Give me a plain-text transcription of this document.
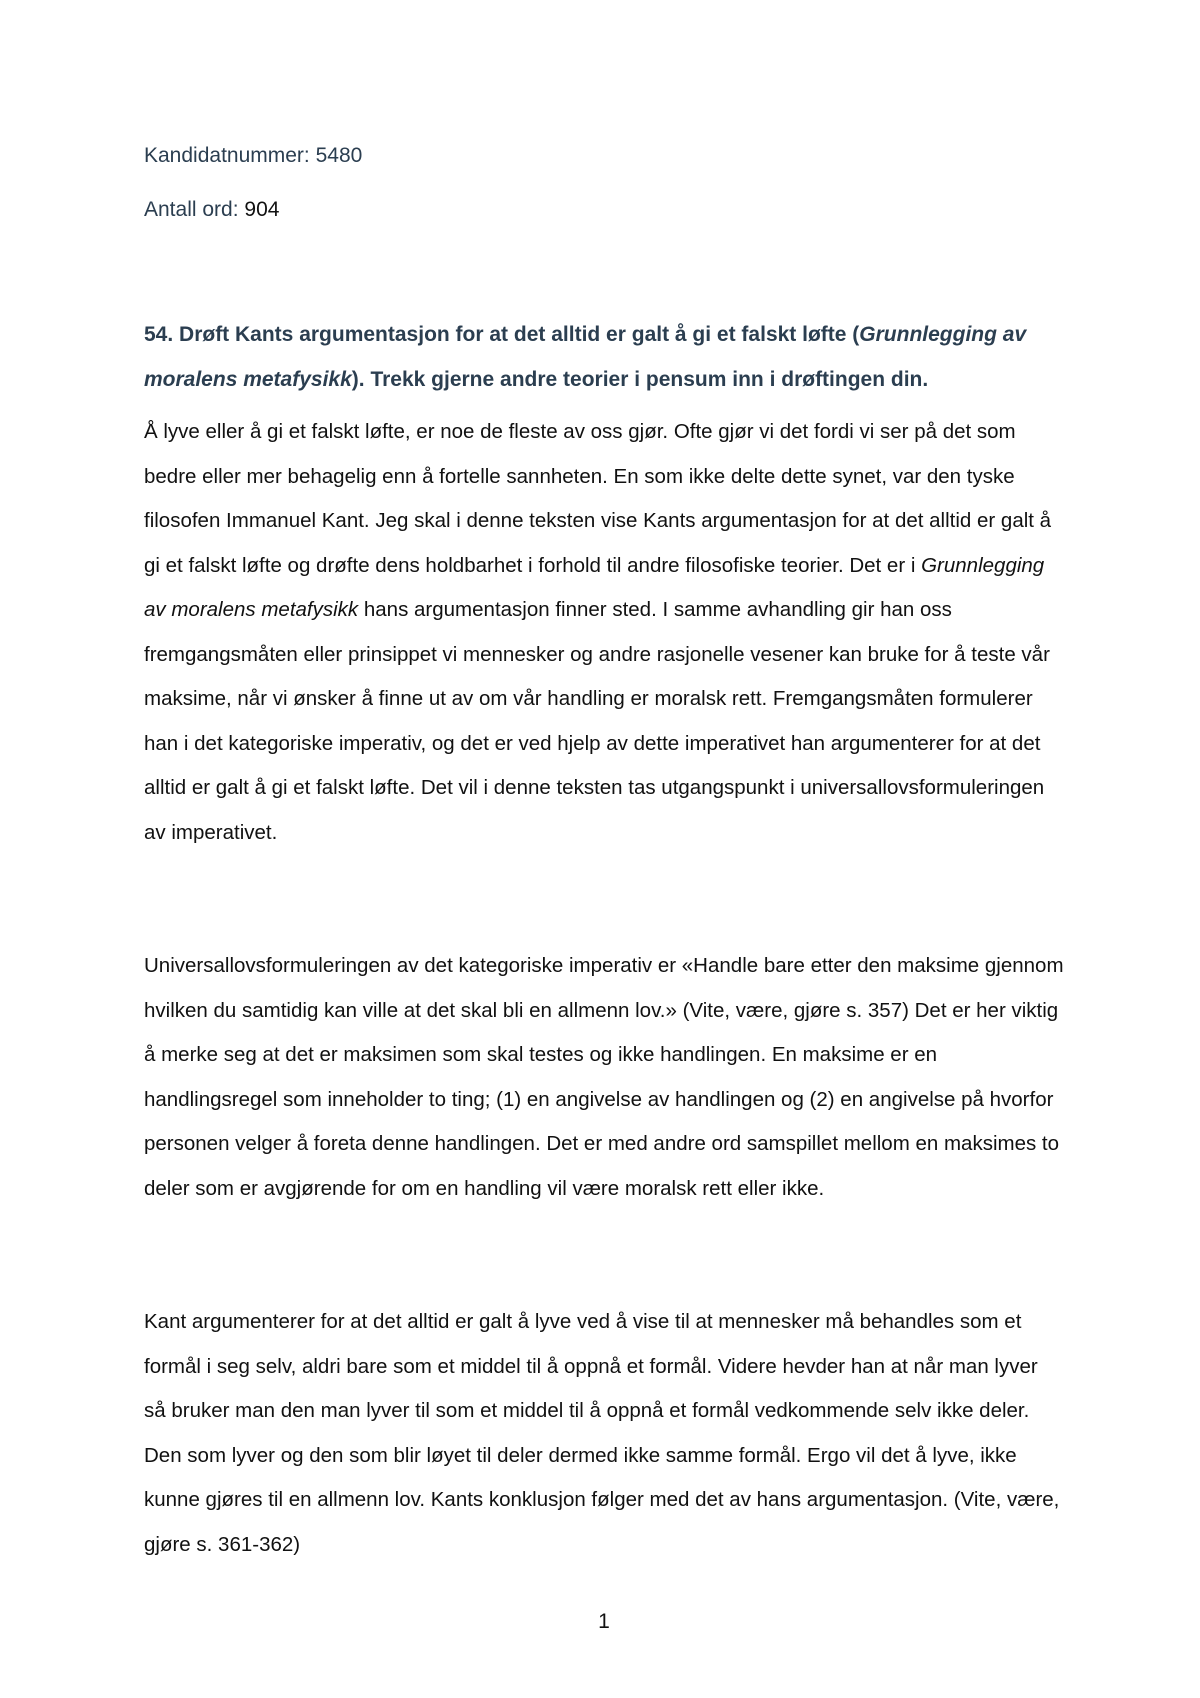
Kandidatnummer: 5480
Antall ord: 904
54. Drøft Kants argumentasjon for at det alltid er galt å gi et falskt løfte (Grunnlegging av moralens metafysikk). Trekk gjerne andre teorier i pensum inn i drøftingen din.

Å lyve eller å gi et falskt løfte, er noe de fleste av oss gjør. Ofte gjør vi det fordi vi ser på det som bedre eller mer behagelig enn å fortelle sannheten. En som ikke delte dette synet, var den tyske filosofen Immanuel Kant. Jeg skal i denne teksten vise Kants argumentasjon for at det alltid er galt å gi et falskt løfte og drøfte dens holdbarhet i forhold til andre filosofiske teorier. Det er i Grunnlegging av moralens metafysikk hans argumentasjon finner sted. I samme avhandling gir han oss fremgangsmåten eller prinsippet vi mennesker og andre rasjonelle vesener kan bruke for å teste vår maksime, når vi ønsker å finne ut av om vår handling er moralsk rett. Fremgangsmåten formulerer han i det kategoriske imperativ, og det er ved hjelp av dette imperativet han argumenterer for at det alltid er galt å gi et falskt løfte. Det vil i denne teksten tas utgangspunkt i universallovsformuleringen av imperativet.

Universallovsformuleringen av det kategoriske imperativ er «Handle bare etter den maksime gjennom hvilken du samtidig kan ville at det skal bli en allmenn lov.» (Vite, være, gjøre s. 357) Det er her viktig å merke seg at det er maksimen som skal testes og ikke handlingen. En maksime er en handlingsregel som inneholder to ting; (1) en angivelse av handlingen og (2) en angivelse på hvorfor personen velger å foreta denne handlingen. Det er med andre ord samspillet mellom en maksimes to deler som er avgjørende for om en handling vil være moralsk rett eller ikke.

Kant argumenterer for at det alltid er galt å lyve ved å vise til at mennesker må behandles som et formål i seg selv, aldri bare som et middel til å oppnå et formål. Videre hevder han at når man lyver så bruker man den man lyver til som et middel til å oppnå et formål vedkommende selv ikke deler. Den som lyver og den som blir løyet til deler dermed ikke samme formål. Ergo vil det å lyve, ikke kunne gjøres til en allmenn lov. Kants konklusjon følger med det av hans argumentasjon. (Vite, være, gjøre s. 361-362)

1
